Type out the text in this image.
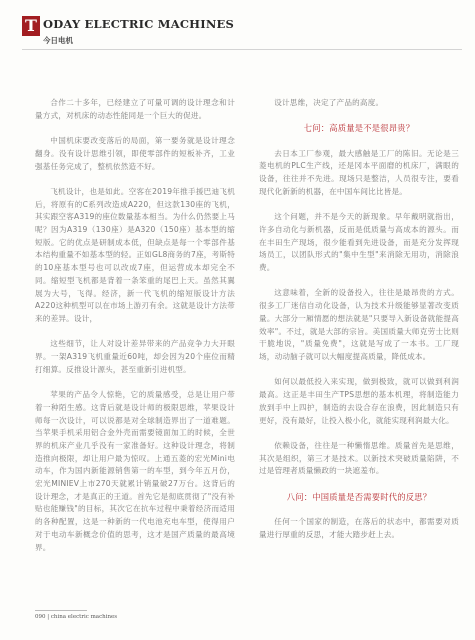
T ODAY ELECTRIC MACHINES
今日电机

合作二十多年，已经建立了可量可调的设计理念和计量方式，对机床的动态性能同是一个巨大的促进。

中国机床要改变落后的局面，第一要务就是设计理念翻身。没有设计思维引领，即使零部件的短板补齐，工业强基任务完成了，整机依然造不好。

飞机设计，也是如此。空客在2019年推手援巴迪飞机后，将原有的C系列改造成A220，但这款130座的飞机，其实跟空客A319的座位数量基本相当。为什么仍然要上马呢？因为A319（130座）是A320（150座）基本型的缩短版。它的优点是研制成本低，但缺点是每一个零部件基本结构重量不如基本型的轻。正如GL8商务的7座，考斯特的10座基本型号也可以改成7座，但运营成本却完全不同。缩短型飞机都是背着一条笨重的尾巴上天。虽然其翼展为大号，飞得。经济，新一代飞机的缩短版设计方法A220这种机型可以在市场上游刃有余。这就是设计方法带来的差异。设计，

这些细节，让人对设计差异带来的产品竞争力大开眼界。一架A319飞机重量近60吨，却会因为20个座位而精打细算。反推设计源头，甚至重新引进机型。

苹果的产品令人惊艳，它的质量感受，总是让用户带着一种陌生感。这背后就是设计师的极限思维，苹果设计师每一次设计，可以说都是对全球制造界出了一道难题。当苹果手机采用铝合金外壳而需要镜面加工的时候，全世界的机床产业几乎没有一家准备好。这种设计理念，将制造推向极限，却让用户最为惊叹。上通五菱的宏光Mini电动车，作为国内新能源销售第一的车型，到今年五月份，宏光MINIEV上市270天就累计销量破27万台。这背后的设计理念，才是真正的王道。首先它是彻底贯彻了"没有补贴也能赚钱"的目标，其次它在抗车过程中秉着经济而适用的各种配置，这是一种新的一代电池充电车型，使得用户对于电动车新概念价值的思考，这才是国产质量的最高境界。

设计思维，决定了产品的高度。

七问：高质量是不是很昂贵？

去日本工厂参观，最大感触是工厂的陈旧。无论是三菱电机的PLC生产线，还是冈本平面磨的机床厂，满眼的设备，往往并不先进。现场只是整洁，人员很专注，要看现代化新新的机器，在中国车间比比皆是。

这个问题，并不是今天的新现象。早年戴明就指出，许多自动化与新机器，反而是低质量与高成本的源头。而在丰田生产现场，很少能看到先进设备，而是充分发挥现场员工，以团队形式的"集中生型"来消除无用功，消除浪费。

这意味着，全新的设备投入，往往是最昂贵的方式。很多工厂迷信自动化设备，认为技术升级能够显著改变质量。大部分一厢情愿的想法就是"只要导入新设备就能提高效率"。不过，就是大部的宗旨。美国质量大师克劳士比则干脆地说，"质量免费"，这就是写成了一本书。工厂现场，动动脑子就可以大幅度提高质量，降低成本。

如何以最低投入来实现，做到极致，就可以做到利润最高。这正是丰田生产TPS思想的基本机理，将制造能力放到手中上四护，制造的去设合存在浪费，因此制造只有更好，没有最好，让投入极小化，就能实现利润最大化。

依赖设备，往往是一种懒惰思维。质量首先是思维，其次是组织，第三才是技术。以新技术突破质量陷阱，不过是管理者质量懒政的一块遮羞布。

八问：中国质量是否需要时代的反思？

任何一个国家的制造，在落后的状态中，都需要对质量进行厚重的反思，才能大踏步赶上去。

090 | china electric machines
